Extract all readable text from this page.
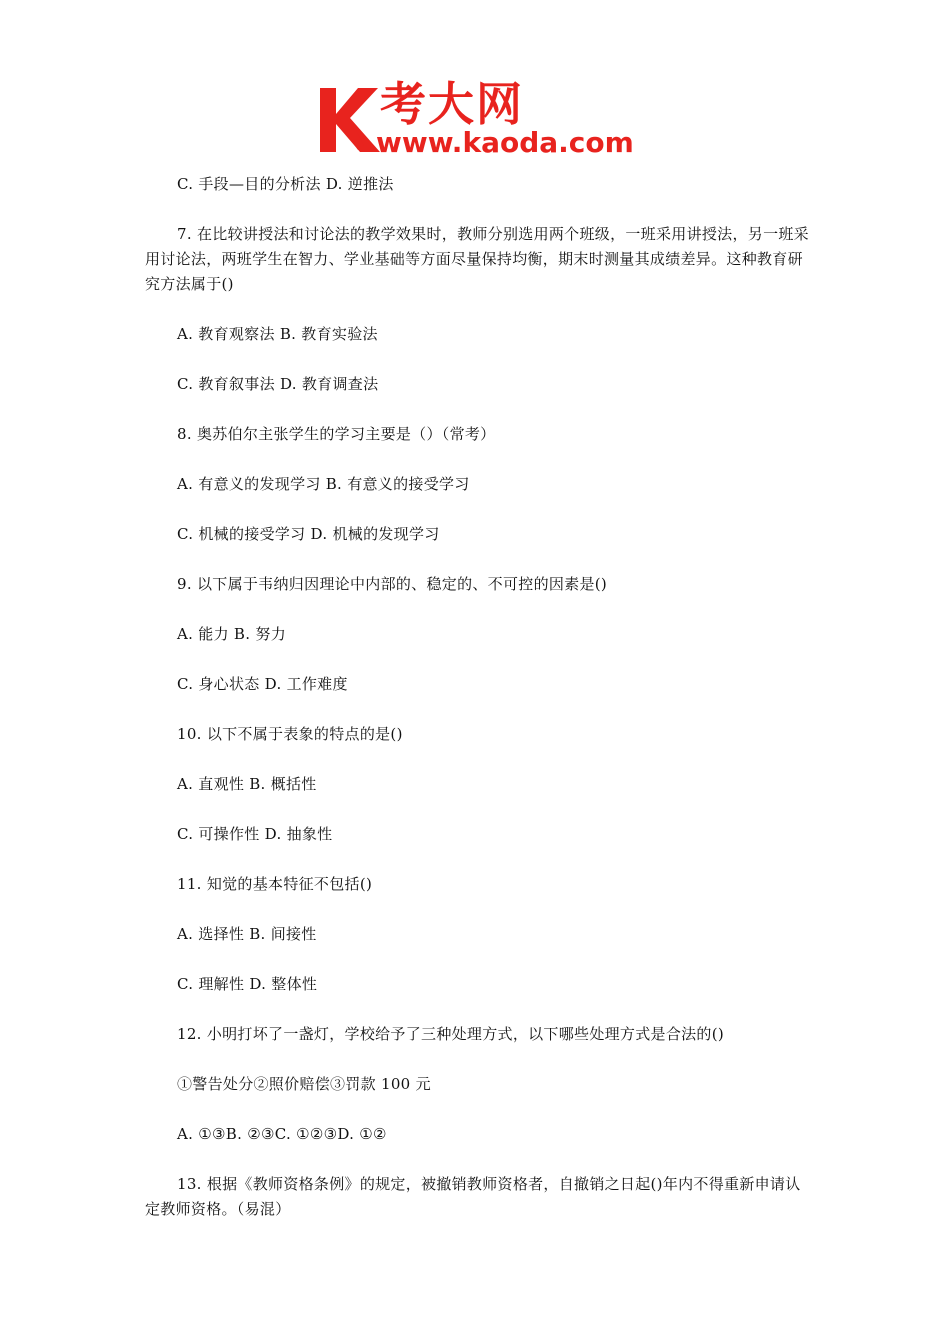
考大网
www.kaoda.com

C. 手段—目的分析法 D. 逆推法

7. 在比较讲授法和讨论法的教学效果时，教师分别选用两个班级，一班采用讲授法，另一班采用讨论法，两班学生在智力、学业基础等方面尽量保持均衡，期末时测量其成绩差异。这种教育研究方法属于()

A. 教育观察法 B. 教育实验法

C. 教育叙事法 D. 教育调查法

8. 奥苏伯尔主张学生的学习主要是（）（常考）

A. 有意义的发现学习 B. 有意义的接受学习

C. 机械的接受学习 D. 机械的发现学习

9. 以下属于韦纳归因理论中内部的、稳定的、不可控的因素是()

A. 能力 B. 努力

C. 身心状态 D. 工作难度

10. 以下不属于表象的特点的是()

A. 直观性 B. 概括性

C. 可操作性 D. 抽象性

11. 知觉的基本特征不包括()

A. 选择性 B. 间接性

C. 理解性 D. 整体性

12. 小明打坏了一盏灯，学校给予了三种处理方式，以下哪些处理方式是合法的()

①警告处分②照价赔偿③罚款 100 元

A. ①③B. ②③C. ①②③D. ①②

13. 根据《教师资格条例》的规定，被撤销教师资格者，自撤销之日起()年内不得重新申请认定教师资格。（易混）
